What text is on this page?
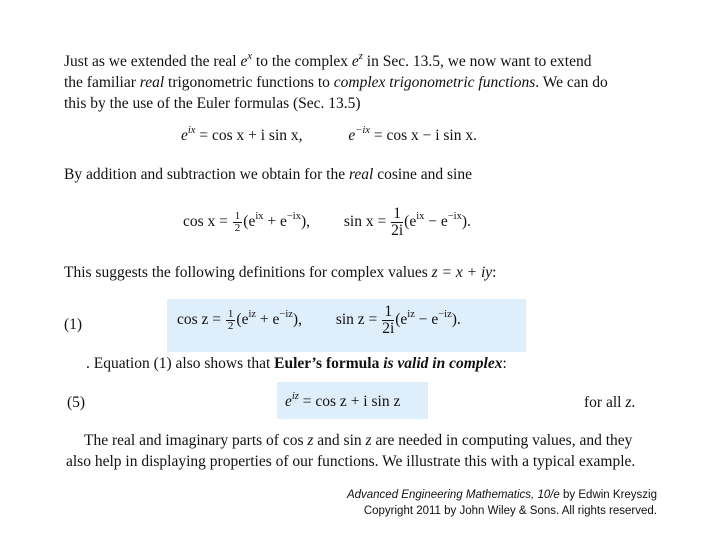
Just as we extended the real $e^x$ to the complex $e^z$ in Sec. 13.5, we now want to extend
the familiar real trigonometric functions to complex trigonometric functions. We can do
this by the use of the Euler formulas (Sec. 13.5)
$e^{ix} = \cos x + i$ sin x,	$e^{-ix} = \cos x - i$ sin x.
By addition and subtraction we obtain for the real cosine and sine
$\cos x = \frac{1}{2} (e^{ix} + e^{-ix})$, $\sin x = \frac{1}{2i} (e^{ix} - e^{-ix})$.
This suggests the following definitions for complex values z = x + iy:
(1)	$\cos z = \frac{1}{2} (e^{iz} + e^{-iz})$, $\sin z = \frac{1}{2i} (e^{iz} - e^{-iz})$.
. Equation (1) also shows that Euler’s formula is valid in complex:
(5)	$e^{iz} = \cos z + i$ sin z	for all z.
The real and imaginary parts of cos z and sin z are needed in computing values, and they
also help in displaying properties of our functions. We illustrate this with a typical example.
Advanced Engineering Mathematics, 10/e by Edwin Kreyszig
Copyright 2011 by John Wiley & Sons. All rights reserved.
